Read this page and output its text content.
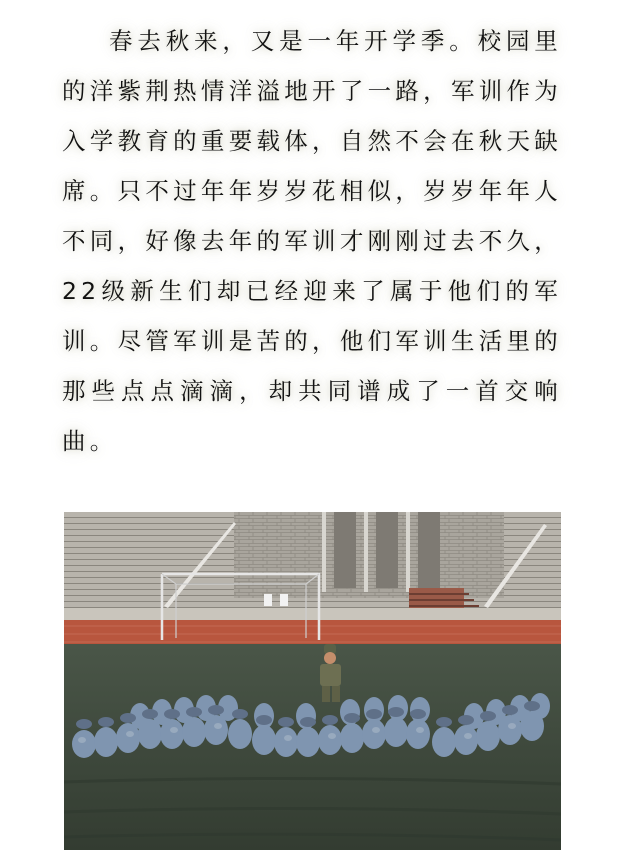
春去秋来，又是一年开学季。校园里的洋紫荆热情洋溢地开了一路，军训作为入学教育的重要载体，自然不会在秋天缺席。只不过年年岁岁花相似，岁岁年年人不同，好像去年的军训才刚刚过去不久，22级新生们却已经迎来了属于他们的军训。尽管军训是苦的，他们军训生活里的那些点点滴滴，却共同谱成了一首交响曲。
